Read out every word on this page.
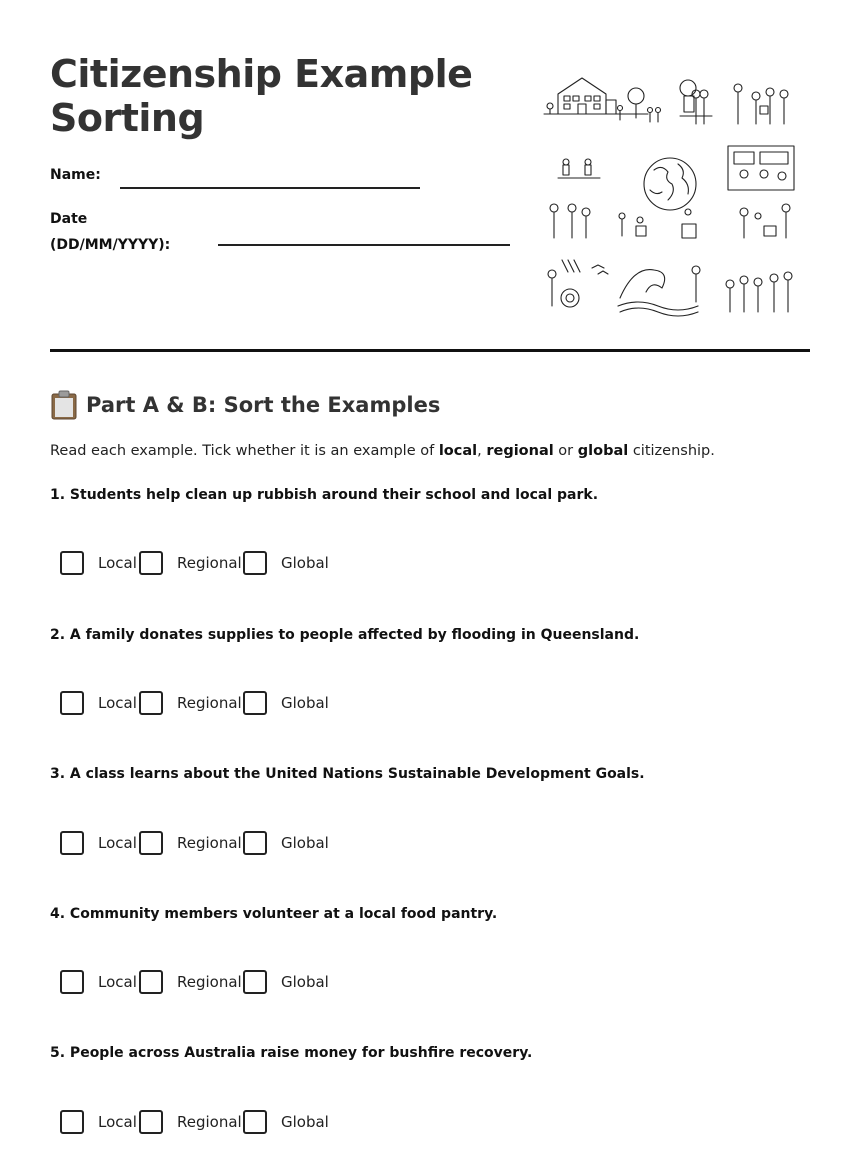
Citizenship Example Sorting
Name:
Date
(DD/MM/YYYY):
Part A & B: Sort the Examples
Read each example. Tick whether it is an example of local, regional or global citizenship.
1. Students help clean up rubbish around their school and local park.
Local	Regional	Global
2. A family donates supplies to people affected by flooding in Queensland.
Local	Regional	Global
3. A class learns about the United Nations Sustainable Development Goals.
Local	Regional	Global
4. Community members volunteer at a local food pantry.
Local	Regional	Global
5. People across Australia raise money for bushfire recovery.
Local	Regional	Global
